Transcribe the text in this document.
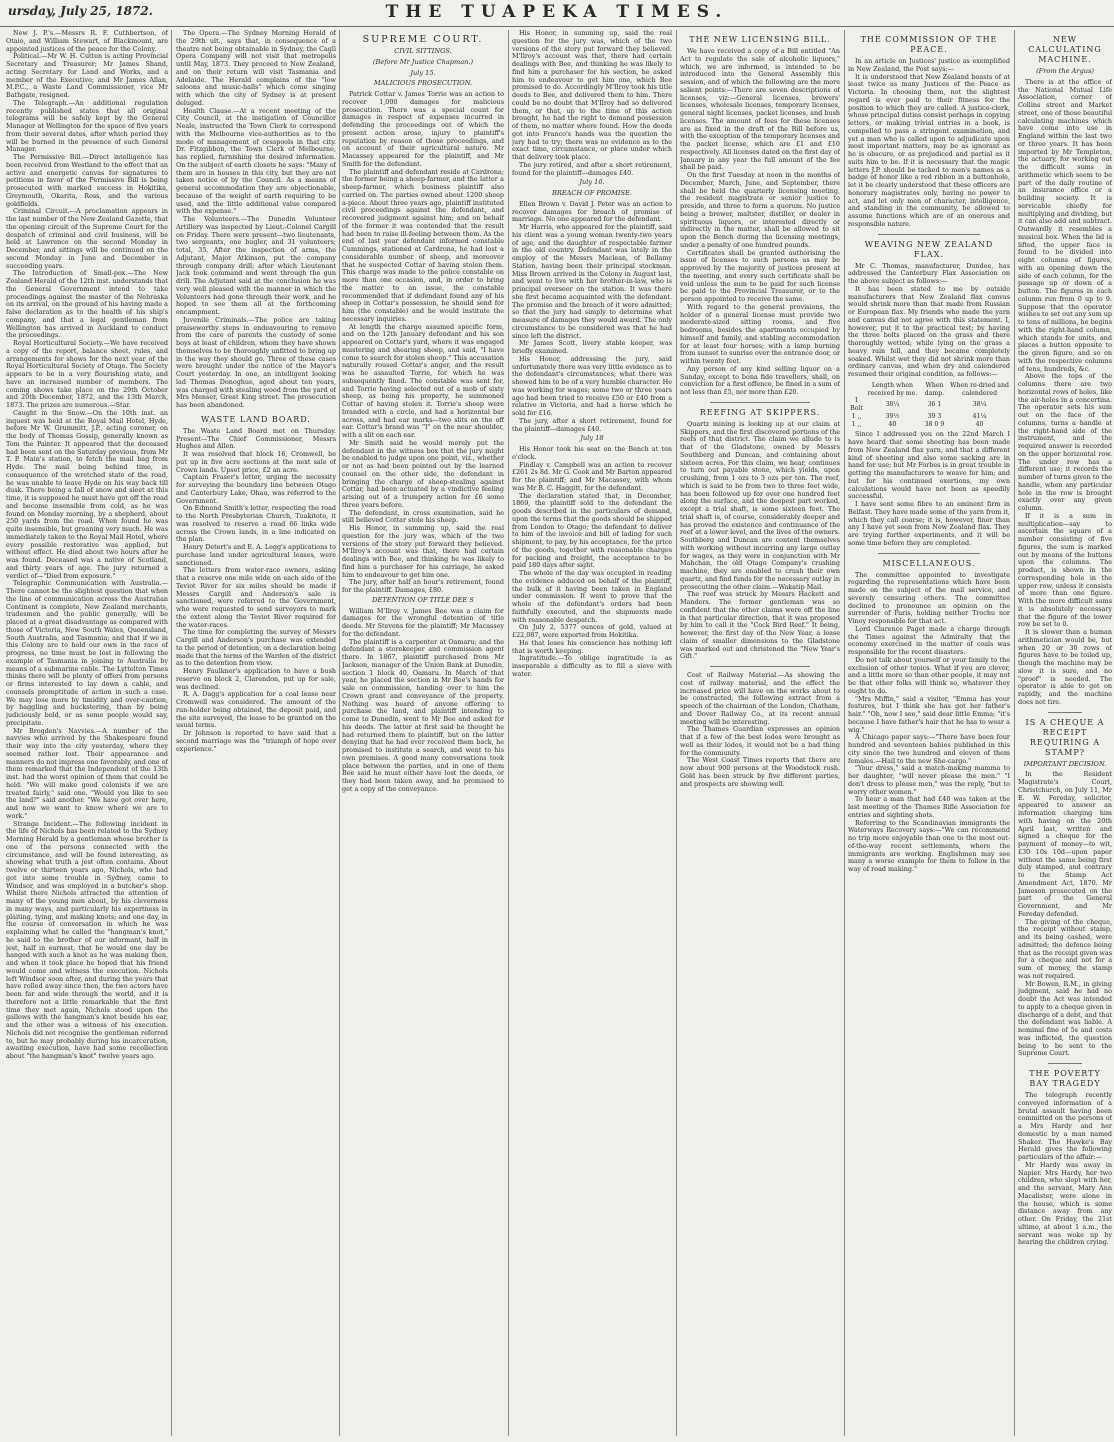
ursday, July 25, 1872.	THE TUAPEKA TIMES.

New J. P.'s.—Messrs R. F. Cuthbertson, of Otaio, and William Stewart, of Blackmount, are appointed justices of the peace for the Colony.

Political.—Mr W. H. Cutten is acting Provincial Secretary and Treasurer; Mr James Shand, acting Secretary for Land and Works, and a member of the Executive; and Mr James Allan, M.P.C., a Waste Land Commissioner, vice Mr Bathgate, resigned.

The Telegraph.—An additional regulation recently published states that all original telegrams will be safely kept by the General Manager at Wellington for the space of five years from their several dates, after which period they will be burned in the presence of such General Manager.

The Permissive Bill.—Direct intelligence has been received from Westland to the effect that an active and energetic canvas for signatures to petitions in favor of the Permissive Bill is being prosecuted with marked success in Hokitika, Greymouth, Okarita, Ross, and the various goldfields.

Criminal Circuit.—A proclamation appears in the last number of the New Zealand Gazette, that the opening circuit of the Supreme Court for the despatch of criminal and civil business, will be held at Lawrence on the second Monday in December, and sittings will be continued on the second Monday in June and December in succeeding years.

The Introduction of Small-pox.—The New Zealand Herald of the 12th inst. understands that the General Government intend to take proceedings against the master of the Nebraska on its arrival, on the ground of his having made a false declaration as to the health of his ship's company, and that a legal gentleman from Wellington has arrived in Auckland to conduct the proceedings.

Royal Horticultural Society.—We have received a copy of the report, balance sheet, rules, and arrangements for shows for the next year of the Royal Horticultural Society of Otago. The Society appears to be in a very flourishing state, and have an increased number of members. The coming shows take place on the 29th October and 20th December, 1872, and the 13th March, 1873. The prizes are numerous.—Star.

Caught in the Snow.—On the 10th inst. an inquest was held at the Royal Mail Hotel, Hyde, before Mr W. Grummitt, J.P., acting coroner, on the body of Thomas Gossip, generally known as Tom the Painter. It appeared that the deceased had been sent on the Saturday previous, from Mr T. P. Main's station, to fetch the mail bag from Hyde. The mail being behind time, in consequence of the wretched state of the road, he was unable to leave Hyde on his way back till dusk. There being a fall of snow and sleet at this time, it is supposed he must have got off the road and become insensible from cold, as he was found on Monday morning, by a shepherd, about 250 yards from the road. When found he was quite insensible, but groaning very much. He was immediately taken to the Royal Mail Hotel, where every possible restorative was applied, but without effect. He died about two hours after he was found. Deceased was a native of Scotland, and thirty years of age. The jury returned a verdict of—"Died from exposure."

Telegraphic Communication with Australia.—There cannot be the slightest question that when the line of communication across the Australian Continent is complete, New Zealand merchants, tradesmen and the public generally, will be placed at a great disadvantage as compared with those of Victoria, New South Wales, Queensland, South Australia, and Tasmania; and that if we in this Colony are to hold our own in the race of progress, no time must be lost in following the example of Tasmania in joining to Australia by means of a submarine cable. The Lyttelton Times thinks there will be plenty of offers from persons or firms interested to lay down a cable, and counsels promptitude of action in such a case. We may lose more by timidity and over-caution, by haggling and huckstering, than by being judiciously bold, or as some people would say, precipitate.

Mr Brogden's Navvies.—A number of the navvies who arrived by the Shakespeare found their way into the city yesterday, where they seemed rather lost. Their appearance and manners do not impress one favorably, and one of them remarked that the Independent of the 13th inst. had the worst opinion of them that could be held. "We will make good colonists if we are treated fairly," said one. "Would you like to see the land?" said another. "We have got over here, and now we want to know where we are to work."

Strange Incident.—The following incident in the life of Nichols has been related to the Sydney Morning Herald by a gentleman whose brother is one of the persons connected with the circumstance, and will be found interesting, as showing what truth a jest often contains. About twelve or thirteen years ago, Nichols, who had got into some trouble in Sydney, came to Windsor, and was employed in a butcher's shop. Whilst there Nichols attracted the attention of many of the young men about, by his cleverness in many ways, and particularly his expertness in plaiting, tying, and making knots; and one day, in the course of conversation in which he was explaining what he called the "hangman's knot," he said to the brother of our informant, half in jest, half in earnest, that he would one day be hanged with such a knot as he was making then, and when it took place he hoped that his friend would come and witness the execution. Nichols left Windsor soon after, and during the years that have rolled away since then, the two actors have been far and wide through the world, and it is therefore not a little remarkable that the first time they met again, Nichols stood upon the gallows with the hangman's knot beside his ear, and the other was a witness of his execution. Nichols did not recognise the gentleman referred to, but he may probably during his incarceration, awaiting execution, have had some recollection about "the hangman's knot" twelve years ago.

The Opera.—The Sydney Morning Herald of the 29th ult., says that, in consequence of a theatre not being obtainable in Sydney, the Cagli Opera Company will not visit that metropolis until May, 1873. They proceed to New Zealand, and on their return will visit Tasmania and Adelaide. The Herald complains of the "low saloons and music-halls" which come singing with which the city of Sydney is at present deluged.

Health Clause.—At a recent meeting of the City Council, at the instigation of Councillor Neale, instructed the Town Clerk to correspond with the Melbourne vice-authorities as to the mode of management of cesspools in that city. Dr. Fitzgibbon, the Town Clerk of Melbourne, has replied, furnishing the desired information. On the subject of earth closets he says: "Many of them are in houses in this city, but they are not taken notice of by the Council. As a means of general accommodation they are objectionable, because of the weight of earth requiring to be used, and the little additional value compared with the expense."

The Volunteers.—The Dunedin Volunteer Artillery was inspected by Lieut.-Colonel Cargill on Friday. There were present—two lieutenants, two sergeants, one bugler, and 31 volunteers; total, 35. After the inspection of arms, the Adjutant, Major Atkinson, put the company through company drill; after which Lieutenant Jack took command and went through the gun drill. The Adjutant said at the conclusion he was very well pleased with the manner in which the Volunteers had gone through their work, and he hoped to see them all at the forthcoming encampment.

Juvenile Criminals.—The police are taking praiseworthy steps in endeavouring to remove from the care of parents the custody of some boys at least of children, whom they have shown themselves to be thoroughly unfitted to bring up in the way they should go. Three of these cases were brought under the notice of the Mayor's Court yesterday. In one, an intelligent looking lad Thomas Donoghue, aged about ten years, was charged with stealing wood from the yard of Mrs Menser, Great King street. The prosecution has been abandoned.

WASTE LAND BOARD.

The Waste Land Board met on Thursday. Present—The Chief Commissioner, Messrs Hughes and Allen.

It was resolved that block 16, Cromwell, be put up in five acre sections at the next sale of Crown lands. Upset price, £2 an acre.

Captain Fraser's letter, urging the necessity for surveying the boundary line between Otago and Canterbury Lake, Ohau, was referred to the Government.

On Edmond Smith's letter, respecting the road to the North Presbyterian Church, Tuakitoto, it was resolved to reserve a road 66 links wide across the Crown lands, in a line indicated on the plan.

Henry Detert's and E. A. Legg's applications to purchase land under agricultural leases, were sanctioned.

The letters from water-race owners, asking that a reserve one mile wide on each side of the Teviot River for six miles should be made if Messrs Cargill and Anderson's sale is sanctioned, were referred to the Government, who were requested to send surveyors to mark the extent along the Teviot River required for the water-races.

The time for completing the survey of Messrs Cargill and Anderson's purchase was extended to the period of detention, on a declaration being made that the terms of the Warden of the district as to the detention from view.

Henry Faulkner's application to have a bush reserve on block 2, Clarendon, put up for sale, was declined.

R. A. Dagg's application for a coal lease near Cromwell was considered. The amount of the run-holder being obtained, the deposit paid, and the site surveyed, the lease to be granted on the usual terms.

Dr Johnson is reported to have said that a second marriage was the "triumph of hope over experience."

SUPREME COURT.
CIVIL SITTINGS.
(Before Mr Justice Chapman.)
July 15.
MALICIOUS PROSECUTION.

Patrick Cottar v. James Torrie was an action to recover 1,000 damages for malicious prosecution. There was a special count for damages in respect of expenses incurred in defending the proceedings out of which the present action arose, injury to plaintiff's reputation by reason of those proceedings, and on account of their agricultural nature. Mr Macassey appeared for the plaintiff, and Mr Smith for the defendant.

The plaintiff and defendant reside at Cardrona; the former being a sheep-farmer, and the latter a sheep-farmer, which business plaintiff also carried on. The parties owned about 1200 sheep a-piece. About three years ago, plaintiff instituted civil proceedings against the defendant, and recovered judgment against him; and on behalf of the former it was contended that the result had been to raise ill-feeling between them. As the end of last year defendant informed constable Cummings, stationed at Cardrona, he had lost a considerable number of sheep, and moreover that he suspected Cottar of having stolen them. This charge was made to the police constable on more than one occasion, and, in order to bring the matter to an issue, the constable recommended that if defendant found any of his sheep in Cottar's possession, he should send for him (the constable) and he would institute the necessary inquiries.

At length the charge assumed specific form, and on the 12th January defendant and his son appeared on Cottar's yard, where it was engaged mustering and shearing sheep, and said, "I have come to search for stolen sheep." This accusation naturally roused Cottar's anger, and the result was he assaulted Torrie, for which he was subsequently fined. The constable was sent for, and Torrie having selected out of a mob of sixty sheep, as being his property, he summoned Cottar of having stolen it. Torrie's sheep were branded with a circle, and had a horizontal bar across, and had ear marks—two slits on the off ear. Cottar's brand was "I" on the near shoulder, with a slit on each ear.

Mr Smith said he would merely put the defendant in the witness box that the jury might be enabled to judge upon one point, viz., whether or not as had been pointed out by the learned counsel on the other side, the defendant in bringing the charge of sheep-stealing against Cottar, had been actuated by a vindictive feeling arising out of a trumpery action for £6 some three years before.

The defendant, in cross examination, said he still believed Cottar stole his sheep.

His Honor, in summing up, said the real question for the jury was, which of the two versions of the story put forward they believed. M'Ilroy's account was that, there had certain dealings with Bee, and thinking he was likely to find him a purchaser for his carriage, he asked him to endeavour to get him one.

The jury, after half an hour's retirement, found for the plaintiff. Damages, £80.

DETENTION OF TITLE DEE S

William M'Ilroy v. James Bee was a claim for damages for the wrongful detention of title deeds. Mr Stevens for the plaintiff; Mr Macassey for the defendant.

The plaintiff is a carpenter at Oamaru; and the defendant a storekeeper and commission agent there. In 1867, plaintiff purchased from Mr Jackson, manager of the Union Bank at Dunedin, section 1 block 40, Oamaru. In March of that year, he placed the section in Mr Bee's hands for sale on commission, handing over to him the Crown grant and conveyance of the property. Nothing was heard of anyone offering to purchase the land, and plaintiff intending to come to Dunedin, went to Mr Bee and asked for his deeds. The latter at first said he thought he had returned them to plaintiff, but on the latter denying that he had ever received them back, he promised to institute a search, and went to his own premises. A good many conversations took place between the parties, and in one of them Bee said he must either have lost the deeds, or they had been taken away, and he promised to get a copy of the conveyance.

His Honor, in summing up, said the real question for the jury was, which of the two versions of the story put forward they believed. M'Ilroy's account was that, there had certain dealings with Bee, and thinking he was likely to find him a purchaser for his section, he asked him to endeavour to get him one, which Bee promised to do. Accordingly M'Ilroy took his title deeds to Bee, and delivered them to him. There could be no doubt that M'Ilroy had so delivered them, or that, up to the time of this action brought, he had the right to demand possession of them, no matter where found. How the deeds got into Franco's hands was the question the jury had to try; there was no evidence as to the exact time, circumstance, or place under which that delivery took place.

The jury retired, and after a short retirement, found for the plaintiff—damages £40.

July 16.
BREACH OF PROMISE.

Ellen Brown v. David J. Peter was an action to recover damages for breach of promise of marriage. No one appeared for the defendant.

Mr Harris, who appeared for the plaintiff, said his client was a young woman twenty-two years of age, and the daughter of respectable farmer in the old country. Defendant was lately in the employ of the Messrs Maclean, of Bellamy Station, having been their principal stockman. Miss Brown arrived in the Colony in August last, and went to live with her brother-in-law, who is principal overseer on the station. It was there she first became acquainted with the defendant. The promise and the breach of it were admitted; so that the jury had simply to determine what measure of damages they would award. The only circumstance to be considered was that he had since left the district.

Mr James Scott, livery stable keeper, was briefly examined.

His Honor, addressing the jury, said unfortunately there was very little evidence as to the defendant's circumstances; what there was showed him to be of a very humble character. He was working for wages; some two or three years ago had been tried to receive £50 or £40 from a relative in Victoria, and had a horse which he sold for £16.

The jury, after a short retirement, found for the plaintiff—damages £40.

July 18

His Honor took his seat on the Bench at ten o'clock.

Findlay v. Campbell was an action to recover £261 2s 8d. Mr G. Cook and Mr Barton appeared for the plaintiff; and Mr Macassey, with whom was Mr B. C. Haggitt, for the defendant.

The declaration stated that, in December, 1869, the plaintiff sold to the defendant the goods described in the particulars of demand, upon the terms that the goods should be shipped from London to Otago; the defendant to deliver to him of the invoice and bill of lading for such shipment, to pay, by his acceptance, for the price of the goods, together with reasonable charges for packing and freight, the acceptance to be paid 180 days after sight.

The whole of the day was occupied in reading the evidence adduced on behalf of the plaintiff, the bulk of it having been taken in England under commission. It went to prove that the whole of the defendant's orders had been faithfully executed, and the shipments made with reasonable despatch.

On July 2, 5377 ounces of gold, valued at £22,087, were exported from Hokitika.

He that loses his conscience has nothing left that is worth keeping.

Ingratitude.—To oblige ingratitude is as inseparable a difficulty as to fill a sieve with water.

THE NEW LICENSING BILL.

We have received a copy of a Bill entitled "An Act to regulate the sale of alcoholic liquors," which, we are informed, is intended to be introduced into the General Assembly this session, and of which the following are the more salient points:—There are seven descriptions of licenses, viz:—General licenses, brewers' licenses, wholesale licenses, temporary licenses, general night licenses, packet licenses, and bush licenses. The amount of fees for these licenses are as fixed in the draft of the Bill before us, with the exception of the temporary licenses and the packet license, which are £1 and £10 respectively. All licenses dated on the first day of January in any year the full amount of the fee shall be paid.

On the first Tuesday at noon in the months of December, March, June, and September, there shall be held the quarterly licensing meeting, the resident magistrate or senior justice to preside, and three to form a quorum. No justice being a brewer, maltster, distiller, or dealer in spirituous liquors, or interested directly or indirectly in the matter, shall be allowed to sit upon the Bench during the licensing meetings, under a penalty of one hundred pounds.

Certificates shall be granted authorising the issue of licenses to such persons as may be approved by the majority of justices present at the meeting, and every such certificate shall be void unless the sum to be paid for such license be paid to the Provincial Treasurer, or to the person appointed to receive the same.

With regard to the general provisions, the holder of a general license must provide two moderate-sized sitting rooms, and five bedrooms, besides the apartments occupied by himself and family, and stabling accommodation for at least four horses; with a lamp burning from sunset to sunrise over the entrance door, or within twenty feet.

Any person of any kind selling liquor on a Sunday, except to bona fide travellers, shall, on conviction for a first offence, be fined in a sum of not less than £5, nor more than £20.

REEFING AT SKIPPERS.

Quartz mining is looking up at our claim at Skippers, and the first discovered portions of the reefs of that district. The claim we allude to is that of the Gladstone, owned by Messrs Southberg and Duncan, and containing about sixteen acres. For this claim, we hear, continues to turn out payable stone, which yields, upon crushing, from 1 ozs to 3 ozs per ton. The reef, which is said to be from two to three feet wide, has been followed up for over one hundred feet along the surface, and the deepest part worked, except a trial shaft, is some sixteen feet. The trial shaft is, of course, considerably deeper and has proved the existence and continuance of the reef at a lower level, and the lives of the owners. Southberg and Duncan are content themselves with working without incurring any large outlay for wages, as they were in conjunction with Mr Mahchan, the old Otago Company's crushing machine, they are enabled to crush their own quartz, and find funds for the necessary outlay in prosecuting the other claim.—Wakatip Mail.

The reef was struck by Messrs Hackett and Manders. The former gentleman was so confident that the other claims were off the line in that particular direction, that it was proposed by him to call it the "Cock Bird Reef." It being, however, the first day of the New Year, a lease claim of smaller dimensions to the Gladstone was marked out and christened the "New Year's Gift."

Cost of Railway Material.—As showing the cost of railway material, and the effect the increased price will have on the works about to be constructed, the following extract from a speech of the chairman of the London, Chatham, and Dover Railway Co., at its recent annual meeting will be interesting.

The Thames Guardian expresses an opinion that if a few of the best lodes were brought as well as their lodes, it would not be a bad thing for the community.

The West Coast Times reports that there are now about 900 persons at the Woodstock rush. Gold has been struck by five different parties, and prospects are showing well.

THE COMMISSION OF THE PEACE.

In an article on Justices' justice as exemplified in New Zealand, the Post says:—

It is understood that New Zealand boasts of at least twice as many Justices of the Peace as Victoria. In choosing them, not the slightest regard is ever paid to their fitness for the position to which they are called. A justice-clerk, whose principal duties consist perhaps in copying letters, or making trivial entries in a book, is compelled to pass a stringent examination, and yet a man who is called upon to adjudicate upon most important matters, may be as ignorant as he is obscure, or as prejudiced and partial as it suits him to be. If it is necessary that the magic letters J.P. should be tacked to men's names as a badge of honor like a red ribbon in a buttonhole, let it be clearly understood that these officers are honorary magistrates only, having no power to act, and let only men of character, intelligence, and standing in the community, be allowed to assume functions which are of an onerous and responsible nature.

WEAVING NEW ZEALAND FLAX.

Mr C. Thomas, manufacturer, Dundee, has addressed the Canterbury Flax Association on the above subject as follows:—

It has been stated to me by outside manufacturers that New Zealand flax canvas would shrink more than that made from Russian or European flax. My friends who made the yarn and canvas did not agree with this statement. I, however, put it to the practical test; by having the three bolts placed on the grass and there thoroughly wetted; while lying on the grass a heavy rain fell, and they became completely soaked. Whilst wet they did not shrink more than ordinary canvas, and when dry and calendered resumed their original condition, as follows:—

	Length when received by me.	When damp.	When re-dried and calendered
1 Bolt	38¼	36 1	38¼
1 ,,	39½	39 3	41¼
1 ,,	40	38 0 9	40

Since I addressed you on the 22nd March I have heard that some sheeting has been made from New Zealand flax yarn, and that a different kind of sheeting and also some sacking are in hand for use; but Mr Forbes is in great trouble in getting the manufacturers to weave for him; and but for his continued exertions, my own calculations would have not been as speedily successful.

I have sent some fibre to an eminent firm in Belfast. They have made some of the yarn from it, which they call coarse; it is, however, finer than any I have yet seen from New Zealand flax. They are trying further experiments, and it will be some time before they are completed.

MISCELLANEOUS.

The committee appointed to investigate regarding the representations which have been made on the subject of the mail service, and severely censuring others. The committee declined to pronounce an opinion on the surrender of Paris, holding neither Trochu nor Vinoy responsible for that act.

Lord Clarence Paget made a charge through the Times against the Admiralty that the economy exercised in the matter of coals was responsible for the recent disasters.

Do not talk about yourself or your family to the exclusion of other topics. What if you are clever, and a little more so than other people, it may not be that other folks will think so, whatever they ought to do.

"Mrs Miffin," said a visitor, "Emma has your features, but I think she has got her father's hair." "Oh, now I see," said dear little Emma; "it's because I have father's hair that he has to wear a wig."

A Chicago paper says:—"There have been four hundred and seventeen babies published in this city since the two hundred and eleven of them females.—Hail to the new She-cargo."

"Your dress," said a match-making mamma to her daughter, "will never please the men." "I don't dress to please men," was the reply, "but to worry other women."

To hear a man that had £40 was taken at the last meeting of the Thames Rifle Association for entries and sighting shots.

Referring to the Scandinavian immigrants the Waterways Recovery says:—"We can recommend no trip more enjoyable than one to the most out-of-the-way recent settlements, where the immigrants are working. Englishmen may see many a worse example for them to follow in the way of road making."

NEW CALCULATING MACHINE.
(From the Argus)

There is at the office of the National Mutual Life Association, corner of Collins street and Market street, one of those beautiful calculating machines which have come into use in England within the last two or three years. It has been imported by Mr Templeton, the actuary, for working out the difficult sums in arithmetic which seem to be part of the daily routine of an insurance office or a building society. It is servicable chiefly for multiplying and dividing, but it can also add and subtract. Outwardly it resembles a musical box. When the lid is lifted, the upper face is found to be divided into eight columns of figures, with an opening down the side of each column, for the passage up or down of a button. The figures in each column run from 0 up to 9. Suppose that the operator wishes to set out any sum up to tens of millions, he begins with the right-hand column, which stands for units, and places a button opposite to the given figure, and so on with the respective columns of tens, hundreds, &c.

Above the tops of the columns there are two horizontal rows of holes, like the air-holes in a concertina. The operator sets his sum out on the face of the columns, turns a handle at the right-hand side of the instrument, and the required answer is recorded on the upper horizontal row. The under row has a different use; it records the number of turns given to the handle, when any particular hole in the row is brought exactly over any given column.

If it is a sum in multiplication—say to ascertain the square of a number consisting of five figures, the sum is marked out by means of the buttons upon the columns. The product, is shown in the corresponding hole in the upper row, unless it consists of more than one figure. With the more difficult sums it is absolutely necessary that the figure of the lower row be set to 0.

It is slower than a human arithmetician would be, but when 20 or 30 rows of figures have to be toiled up, though the machine may be slow it is sure, and no "proof" is needed. The operator is able to get on rapidly, and the machine does not tire.

IS A CHEQUE A RECEIPT REQUIRING A STAMP?
IMPORTANT DECISION.

In the Resident Magistrate's Court, Christchurch, on July 11, Mr E. W. Fereday, solicitor, appeared to answer an information charging him with having on the 20th April last, written and signed a cheque for the payment of money—to wit, £30 10s 10d—upon paper without the same being first duly stamped, and contrary to the Stamp Act Amendment Act, 1870. Mr Jameson prosecuted on the part of the General Government, and Mr Fereday defended.

The giving of the cheque, the receipt without stamp, and its being cashed, were admitted; the defence being that as the receipt given was for a cheque and not for a sum of money, the stamp was not required.

Mr Bowen, R.M., in giving judgment, said he had no doubt the Act was intended to apply to a cheque given in discharge of a debt, and that the defendant was liable. A nominal fine of 5s and costs was inflicted, the question being to be sent to the Supreme Court.

THE POVERTY BAY TRAGEDY

The telegraph recently conveyed information of a brutal assault having been committed on the persons of a Mrs Hardy and her domestic by a man named Shaker. The Hawke's Bay Herald gives the following particulars of the affair:—

Mr Hardy was away in Napier. Mrs Hardy, her two children, who slept with her, and the servant, Mary Ann Macalister, were alone in the house, which is some distance away from any other. On Friday, the 21st ultimo, at about 1 a.m., the servant was woke up by hearing the children crying.
